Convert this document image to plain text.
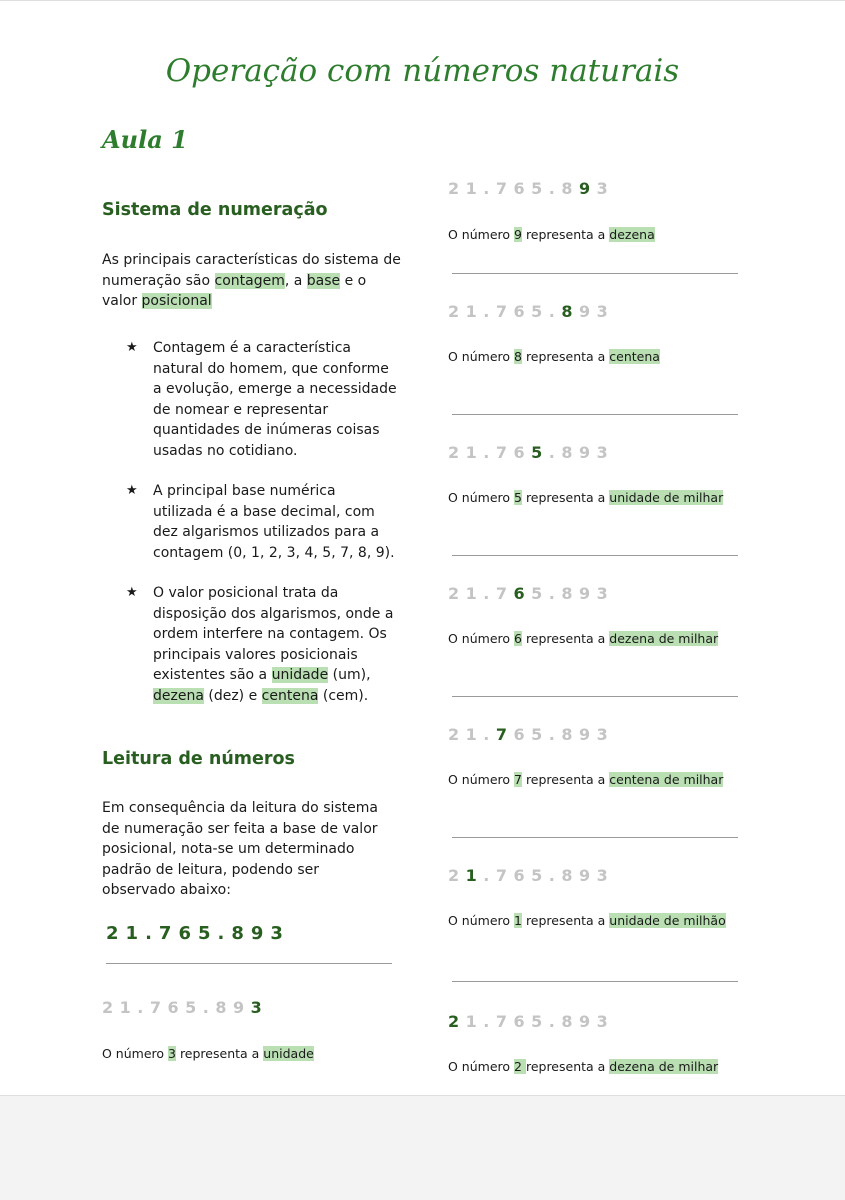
Operação com números naturais
Aula 1
Sistema de numeração
As principais características do sistema de numeração são contagem, a base e o valor posicional
★ Contagem é a característica natural do homem, que conforme a evolução, emerge a necessidade de nomear e representar quantidades de inúmeras coisas usadas no cotidiano.
★ A principal base numérica utilizada é a base decimal, com dez algarismos utilizados para a contagem (0, 1, 2, 3, 4, 5, 7, 8, 9).
★ O valor posicional trata da disposição dos algarismos, onde a ordem interfere na contagem. Os principais valores posicionais existentes são a unidade (um), dezena (dez) e centena (cem).
Leitura de números
Em consequência da leitura do sistema de numeração ser feita a base de valor posicional, nota-se um determinado padrão de leitura, podendo ser observado abaixo:
21.765.893
21.765.893
O número 3 representa a unidade
21.765.893
O número 9 representa a dezena
21.765.893
O número 8 representa a centena
21.765.893
O número 5 representa a unidade de milhar
21.765.893
O número 6 representa a dezena de milhar
21.765.893
O número 7 representa a centena de milhar
21.765.893
O número 1 representa a unidade de milhão
21.765.893
O número 2 representa a dezena de milhar
